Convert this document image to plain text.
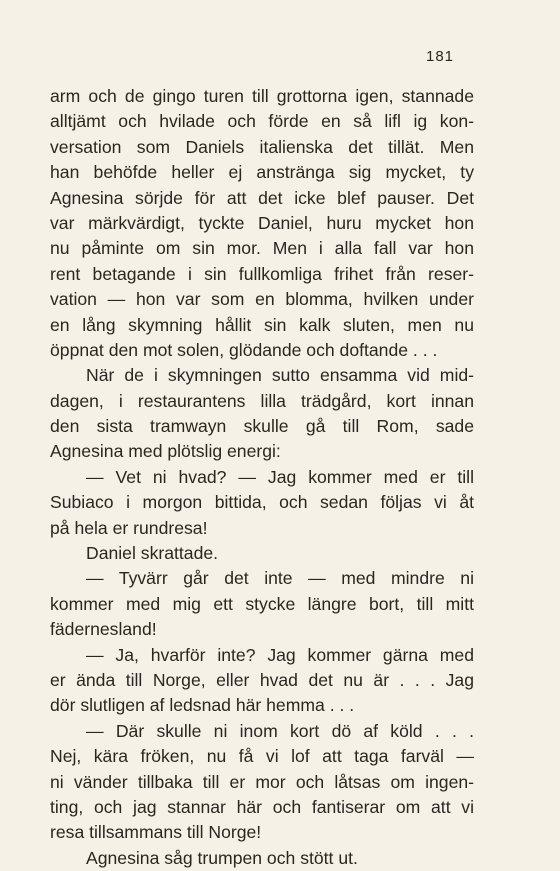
181
arm och de gingo turen till grottorna igen, stannade
alltjämt och hvilade och förde en så lifl ig kon-
versation som Daniels italienska det tillät. Men
han behöfde heller ej anstränga sig mycket, ty
Agnesina sörjde för att det icke blef pauser. Det
var märkvärdigt, tyckte Daniel, huru mycket hon
nu påminte om sin mor. Men i alla fall var hon
rent betagande i sin fullkomliga frihet från reser-
vation — hon var som en blomma, hvilken under
en lång skymning hållit sin kalk sluten, men nu
öppnat den mot solen, glödande och doftande . . .
När de i skymningen sutto ensamma vid mid-
dagen, i restaurantens lilla trädgård, kort innan
den sista tramwayn skulle gå till Rom, sade
Agnesina med plötslig energi:
— Vet ni hvad? — Jag kommer med er till
Subiaco i morgon bittida, och sedan följas vi åt
på hela er rundresa!
Daniel skrattade.
— Tyvärr går det inte — med mindre ni
kommer med mig ett stycke längre bort, till mitt
fädernesland!
— Ja, hvarför inte? Jag kommer gärna med
er ända till Norge, eller hvad det nu är . . . Jag
dör slutligen af ledsnad här hemma . . .
— Där skulle ni inom kort dö af köld . . .
Nej, kära fröken, nu få vi lof att taga farväl —
ni vänder tillbaka till er mor och låtsas om ingen-
ting, och jag stannar här och fantiserar om att vi
resa tillsammans till Norge!
Agnesina såg trumpen och stött ut.
